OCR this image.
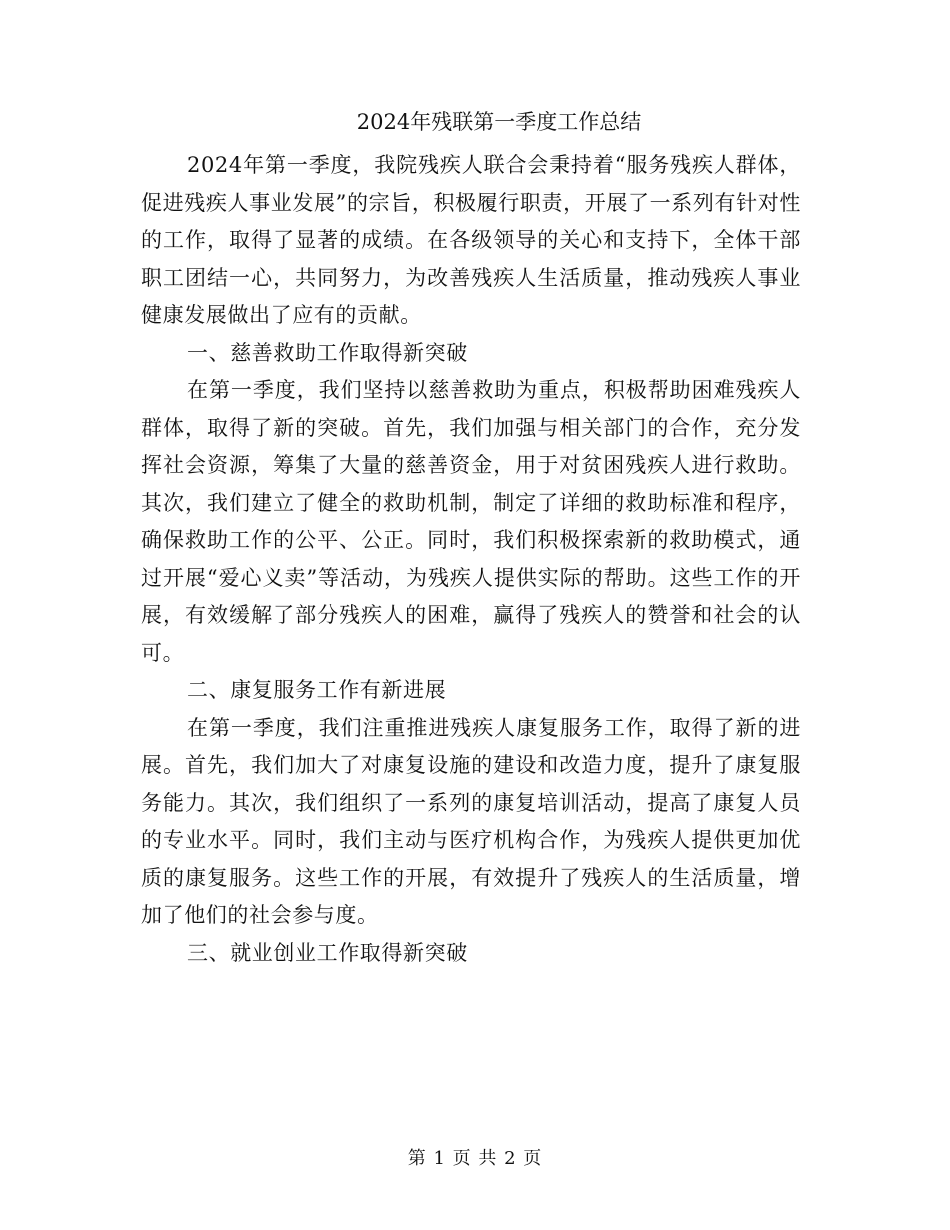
2024年残联第一季度工作总结

2024年第一季度，我院残疾人联合会秉持着“服务残疾人群体，促进残疾人事业发展”的宗旨，积极履行职责，开展了一系列有针对性的工作，取得了显著的成绩。在各级领导的关心和支持下，全体干部职工团结一心，共同努力，为改善残疾人生活质量，推动残疾人事业健康发展做出了应有的贡献。

一、慈善救助工作取得新突破

在第一季度，我们坚持以慈善救助为重点，积极帮助困难残疾人群体，取得了新的突破。首先，我们加强与相关部门的合作，充分发挥社会资源，筹集了大量的慈善资金，用于对贫困残疾人进行救助。其次，我们建立了健全的救助机制，制定了详细的救助标准和程序，确保救助工作的公平、公正。同时，我们积极探索新的救助模式，通过开展“爱心义卖”等活动，为残疾人提供实际的帮助。这些工作的开展，有效缓解了部分残疾人的困难，赢得了残疾人的赞誉和社会的认可。

二、康复服务工作有新进展

在第一季度，我们注重推进残疾人康复服务工作，取得了新的进展。首先，我们加大了对康复设施的建设和改造力度，提升了康复服务能力。其次，我们组织了一系列的康复培训活动，提高了康复人员的专业水平。同时，我们主动与医疗机构合作，为残疾人提供更加优质的康复服务。这些工作的开展，有效提升了残疾人的生活质量，增加了他们的社会参与度。

三、就业创业工作取得新突破

第 1 页 共 2 页
